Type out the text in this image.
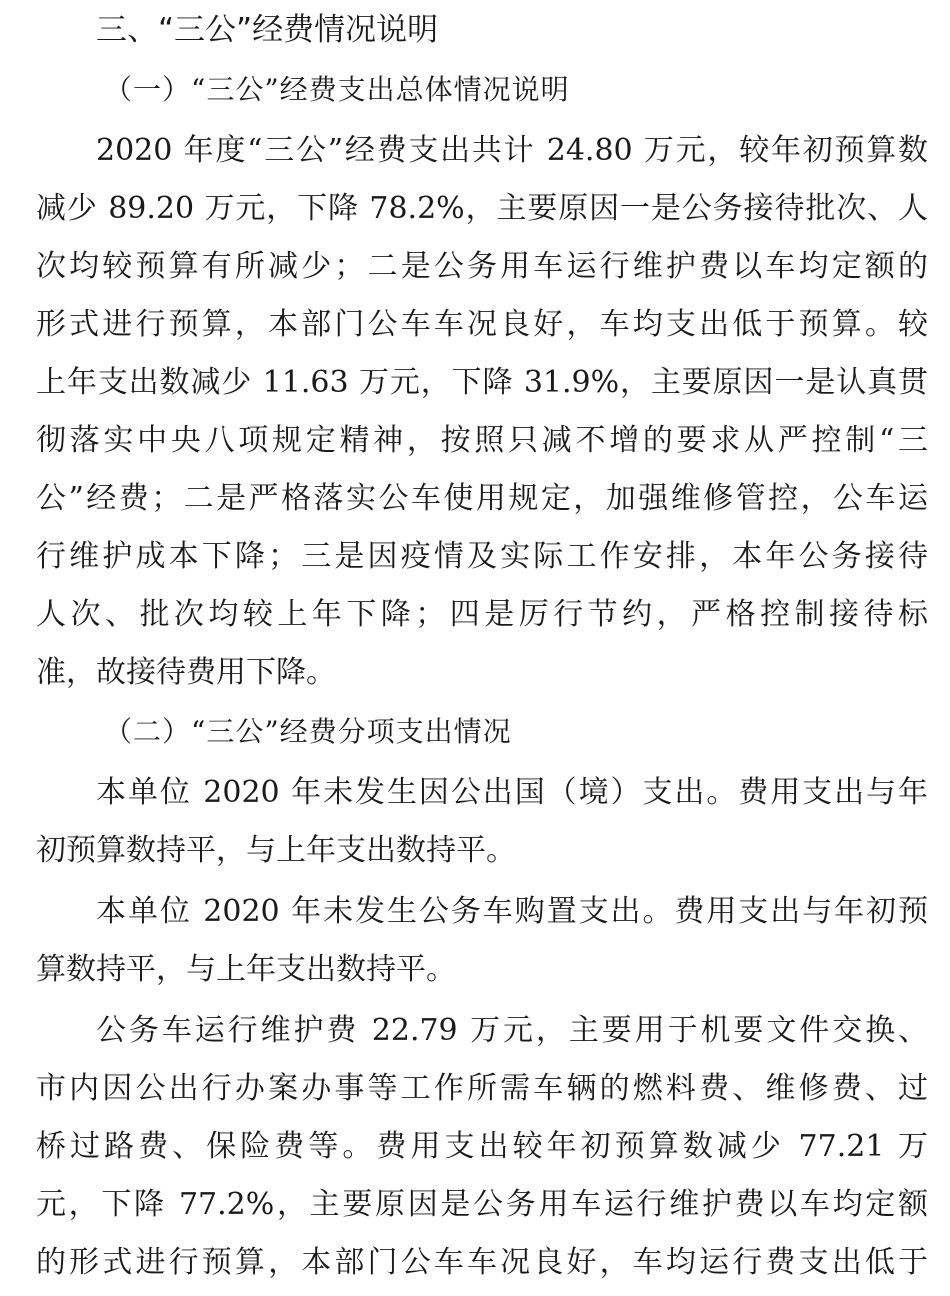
三、“三公”经费情况说明
（一）“三公”经费支出总体情况说明
2020 年度“三公”经费支出共计 24.80 万元，较年初预算数
减少 89.20 万元，下降 78.2%，主要原因一是公务接待批次、人
次均较预算有所减少；二是公务用车运行维护费以车均定额的
形式进行预算，本部门公车车况良好，车均支出低于预算。较
上年支出数减少 11.63 万元，下降 31.9%，主要原因一是认真贯
彻落实中央八项规定精神，按照只减不增的要求从严控制“三
公”经费；二是严格落实公车使用规定，加强维修管控，公车运
行维护成本下降；三是因疫情及实际工作安排，本年公务接待
人次、批次均较上年下降；四是厉行节约，严格控制接待标
准，故接待费用下降。
（二）“三公”经费分项支出情况
本单位 2020 年未发生因公出国（境）支出。费用支出与年
初预算数持平，与上年支出数持平。
本单位 2020 年未发生公务车购置支出。费用支出与年初预
算数持平，与上年支出数持平。
公务车运行维护费 22.79 万元，主要用于机要文件交换、
市内因公出行办案办事等工作所需车辆的燃料费、维修费、过
桥过路费、保险费等。费用支出较年初预算数减少 77.21 万
元，下降 77.2%，主要原因是公务用车运行维护费以车均定额
的形式进行预算，本部门公车车况良好，车均运行费支出低于
